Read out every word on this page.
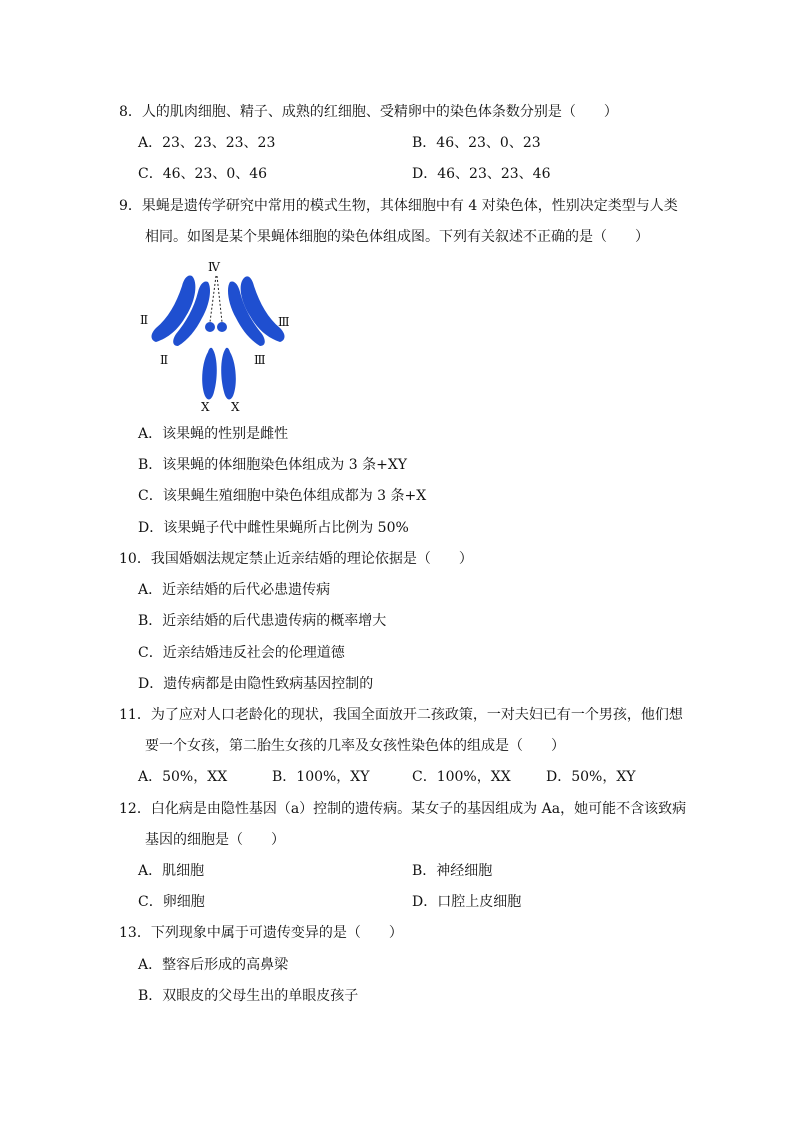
8．人的肌肉细胞、精子、成熟的红细胞、受精卵中的染色体条数分别是（　　）
A．23、23、23、23	B．46、23、0、23
C．46、23、0、46	D．46、23、23、46
9．果蝇是遗传学研究中常用的模式生物，其体细胞中有 4 对染色体，性别决定类型与人类
相同。如图是某个果蝇体细胞的染色体组成图。下列有关叙述不正确的是（　　）
Ⅳ
Ⅱ	Ⅲ
Ⅱ	Ⅲ
X X
A．该果蝇的性别是雌性
B．该果蝇的体细胞染色体组成为 3 条+XY
C．该果蝇生殖细胞中染色体组成都为 3 条+X
D．该果蝇子代中雌性果蝇所占比例为 50%
10．我国婚姻法规定禁止近亲结婚的理论依据是（　　）
A．近亲结婚的后代必患遗传病
B．近亲结婚的后代患遗传病的概率增大
C．近亲结婚违反社会的伦理道德
D．遗传病都是由隐性致病基因控制的
11．为了应对人口老龄化的现状，我国全面放开二孩政策，一对夫妇已有一个男孩，他们想
要一个女孩，第二胎生女孩的几率及女孩性染色体的组成是（　　）
A．50%，XX	B．100%，XY	C．100%，XX	D．50%，XY
12．白化病是由隐性基因（a）控制的遗传病。某女子的基因组成为 Aa，她可能不含该致病
基因的细胞是（　　）
A．肌细胞	B．神经细胞
C．卵细胞	D．口腔上皮细胞
13．下列现象中属于可遗传变异的是（　　）
A．整容后形成的高鼻梁
B．双眼皮的父母生出的单眼皮孩子
